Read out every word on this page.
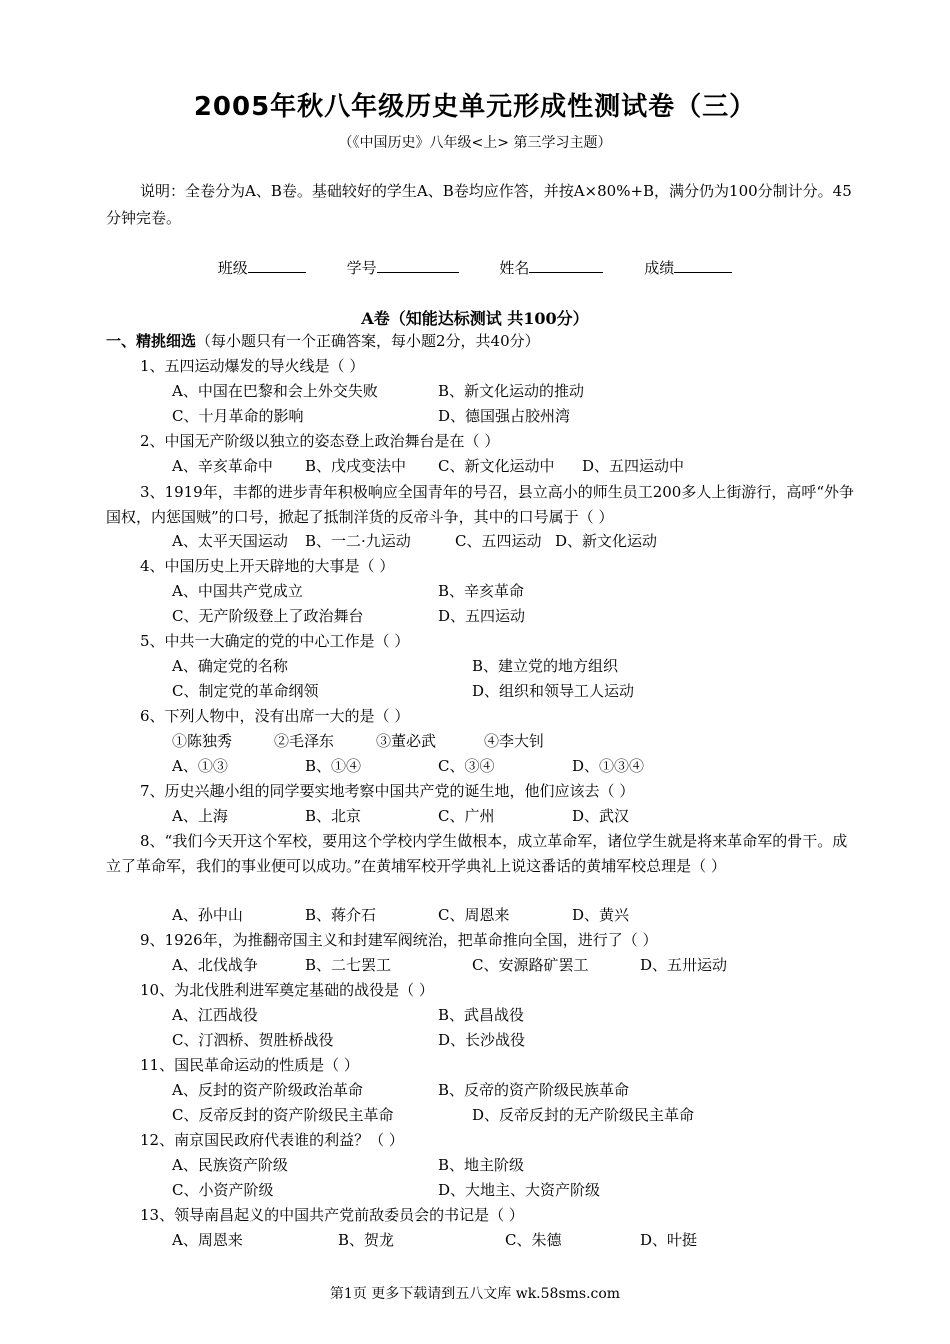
2005年秋八年级历史单元形成性测试卷（三）
（《中国历史》八年级<上> 第三学习主题）
说明：全卷分为A、B卷。基础较好的学生A、B卷均应作答，并按A×80%+B，满分仍为100分制计分。45分钟完卷。
班级	学号	姓名	成绩
A卷（知能达标测试 共100分）
一、精挑细选（每小题只有一个正确答案，每小题2分，共40分）
1、五四运动爆发的导火线是（ ）
A、中国在巴黎和会上外交失败	B、新文化运动的推动
C、十月革命的影响	D、德国强占胶州湾
2、中国无产阶级以独立的姿态登上政治舞台是在（ ）
A、辛亥革命中 B、戊戌变法中 C、新文化运动中 D、五四运动中
3、1919年，丰都的进步青年积极响应全国青年的号召，县立高小的师生员工200多人上街游行，高呼“外争国权，内惩国贼”的口号，掀起了抵制洋货的反帝斗争，其中的口号属于（ ）
A、太平天国运动 B、一二·九运动	C、五四运动 D、新文化运动
4、中国历史上开天辟地的大事是（ ）
A、中国共产党成立	B、辛亥革命
C、无产阶级登上了政治舞台	D、五四运动
5、中共一大确定的党的中心工作是（ ）
A、确定党的名称	B、建立党的地方组织
C、制定党的革命纲领	D、组织和领导工人运动
6、下列人物中，没有出席一大的是（ ）
①陈独秀	②毛泽东	③董必武	④李大钊
A、①③	B、①④	C、③④	D、①③④
7、历史兴趣小组的同学要实地考察中国共产党的诞生地，他们应该去（ ）
A、上海	B、北京	C、广州	D、武汉
8、“我们今天开这个军校，要用这个学校内学生做根本，成立革命军，诸位学生就是将来革命军的骨干。成立了革命军，我们的事业便可以成功。”在黄埔军校开学典礼上说这番话的黄埔军校总理是（ ）
A、孙中山	B、蒋介石	C、周恩来	D、黄兴
9、1926年，为推翻帝国主义和封建军阀统治，把革命推向全国，进行了（ ）
A、北伐战争	B、二七罢工	C、安源路矿罢工	D、五卅运动
10、为北伐胜利进军奠定基础的战役是（ ）
A、江西战役	B、武昌战役
C、汀泗桥、贺胜桥战役	D、长沙战役
11、国民革命运动的性质是（ ）
A、反封的资产阶级政治革命	B、反帝的资产阶级民族革命
C、反帝反封的资产阶级民主革命	D、反帝反封的无产阶级民主革命
12、南京国民政府代表谁的利益？（ ）
A、民族资产阶级	B、地主阶级
C、小资产阶级	D、大地主、大资产阶级
13、领导南昌起义的中国共产党前敌委员会的书记是（ ）
A、周恩来	B、贺龙	C、朱德	D、叶挺
第1页 更多下载请到五八文库 wk.58sms.com
